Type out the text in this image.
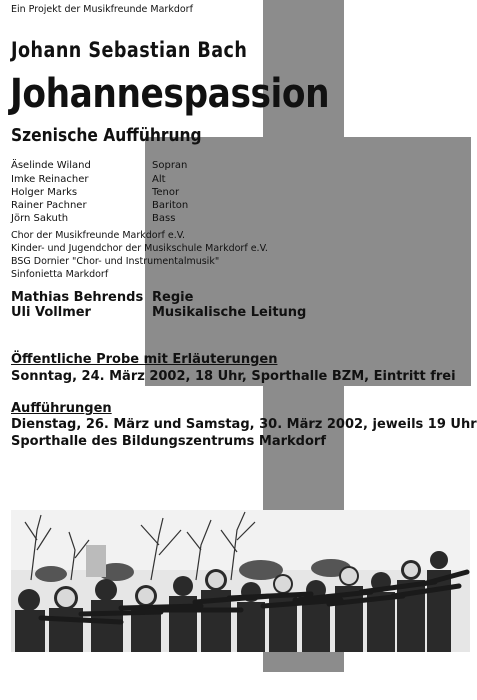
Ein Projekt der Musikfreunde Markdorf
Johann Sebastian Bach
Johannespassion
Szenische Aufführung
Äselinde Wiland	Sopran
Imke Reinacher	Alt
Holger Marks	Tenor
Rainer Pachner	Bariton
Jörn Sakuth	Bass
Chor der Musikfreunde Markdorf e.V.
Kinder- und Jugendchor der Musikschule Markdorf e.V.
BSG Dornier "Chor- und Instrumentalmusik"
Sinfonietta Markdorf
Mathias Behrends Regie
Uli Vollmer	Musikalische Leitung
Öffentliche Probe mit Erläuterungen
Sonntag, 24. März 2002, 18 Uhr, Sporthalle BZM, Eintritt frei
Aufführungen
Dienstag, 26. März und Samstag, 30. März 2002, jeweils 19 Uhr
Sporthalle des Bildungszentrums Markdorf
